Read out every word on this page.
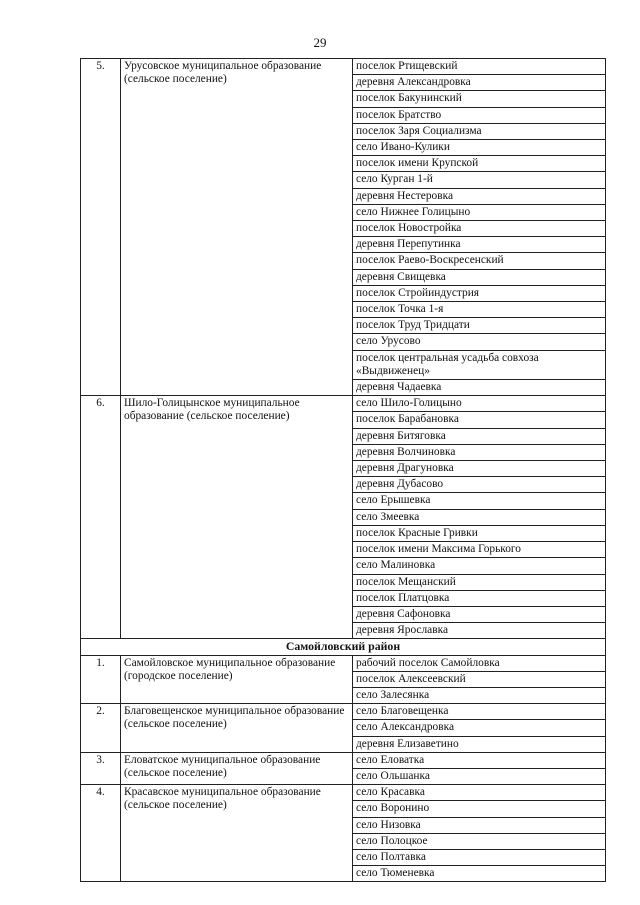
29
5.	Урусовское муниципальное образование (сельское поселение)	поселок Ртищевский
		деревня Александровка
		поселок Бакунинский
		поселок Братство
		поселок Заря Социализма
		село Ивано-Кулики
		поселок имени Крупской
		село Курган 1-й
		деревня Нестеровка
		село Нижнее Голицыно
		поселок Новостройка
		деревня Перепутинка
		поселок Раево-Воскресенский
		деревня Свищевка
		поселок Стройиндустрия
		поселок Точка 1-я
		поселок Труд Тридцати
		село Урусово
		поселок центральная усадьба совхоза «Выдвиженец»
		деревня Чадаевка
6.	Шило-Голицынское муниципальное образование (сельское поселение)	село Шило-Голицыно
		поселок Барабановка
		деревня Битяговка
		деревня Волчиновка
		деревня Драгуновка
		деревня Дубасово
		село Ерышевка
		село Змеевка
		поселок Красные Гривки
		поселок имени Максима Горького
		село Малиновка
		поселок Мещанский
		поселок Платцовка
		деревня Сафоновка
		деревня Ярославка
Самойловский район		
1.	Самойловское муниципальное образование (городское поселение)	рабочий поселок Самойловка
		поселок Алексеевский
		село Залесянка
2.	Благовещенское муниципальное образование (сельское поселение)	село Благовещенка
		село Александровка
		деревня Елизаветино
3.	Еловатское муниципальное образование (сельское поселение)	село Еловатка
		село Ольшанка
4.	Красавское муниципальное образование (сельское поселение)	село Красавка
		село Воронино
		село Низовка
		село Полоцкое
		село Полтавка
		село Тюменевка
